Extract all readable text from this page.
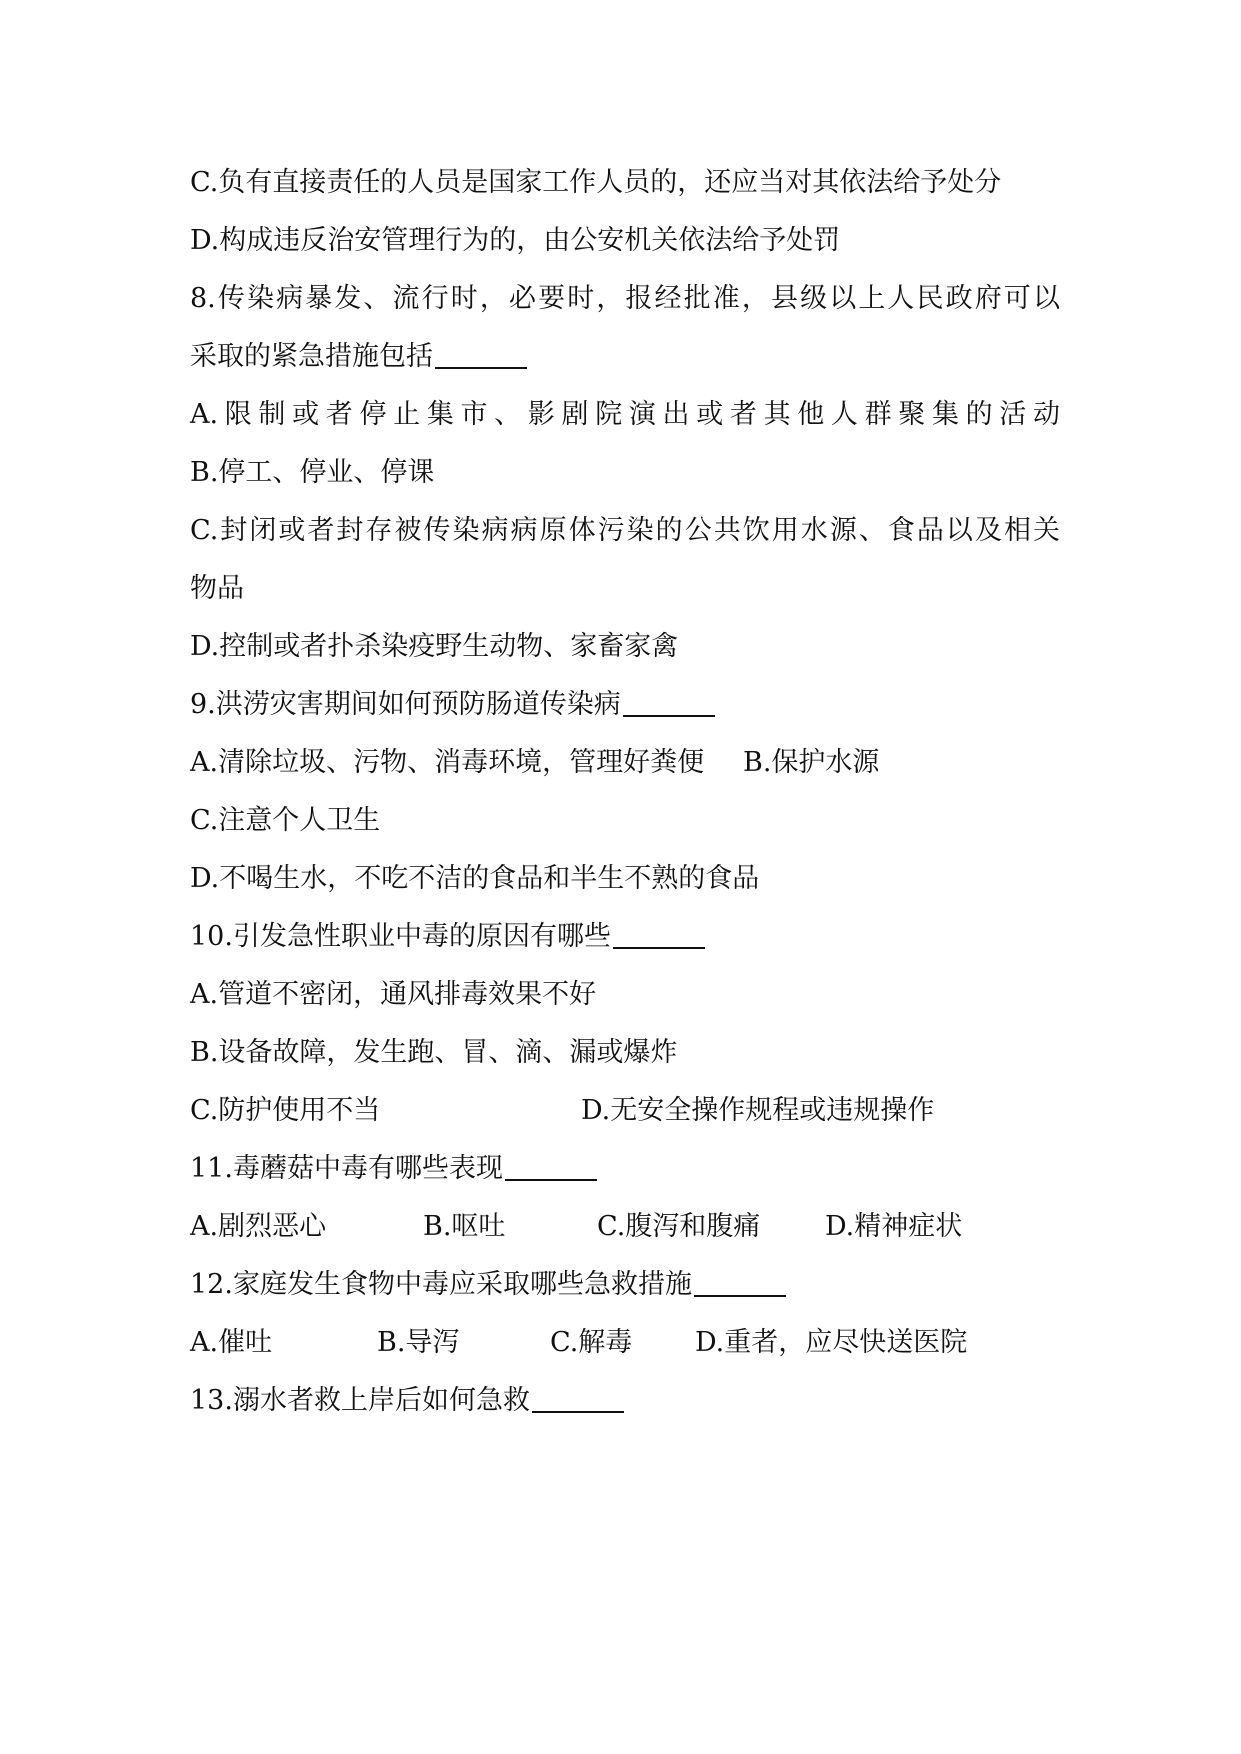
C.负有直接责任的人员是国家工作人员的，还应当对其依法给予处分
D.构成违反治安管理行为的，由公安机关依法给予处罚
8.传染病暴发、流行时，必要时，报经批准，县级以上人民政府可以
采取的紧急措施包括
A.限制或者停止集市、影剧院演出或者其他人群聚集的活动
B.停工、停业、停课
C.封闭或者封存被传染病病原体污染的公共饮用水源、食品以及相关
物品
D.控制或者扑杀染疫野生动物、家畜家禽
9.洪涝灾害期间如何预防肠道传染病
A.清除垃圾、污物、消毒环境，管理好粪便 B.保护水源
C.注意个人卫生
D.不喝生水，不吃不洁的食品和半生不熟的食品
10.引发急性职业中毒的原因有哪些
A.管道不密闭，通风排毒效果不好
B.设备故障，发生跑、冒、滴、漏或爆炸
C.防护使用不当	D.无安全操作规程或违规操作
11.毒蘑菇中毒有哪些表现
A.剧烈恶心	B.呕吐	C.腹泻和腹痛 D.精神症状
12.家庭发生食物中毒应采取哪些急救措施
A.催吐	B.导泻	C.解毒 D.重者，应尽快送医院
13.溺水者救上岸后如何急救
